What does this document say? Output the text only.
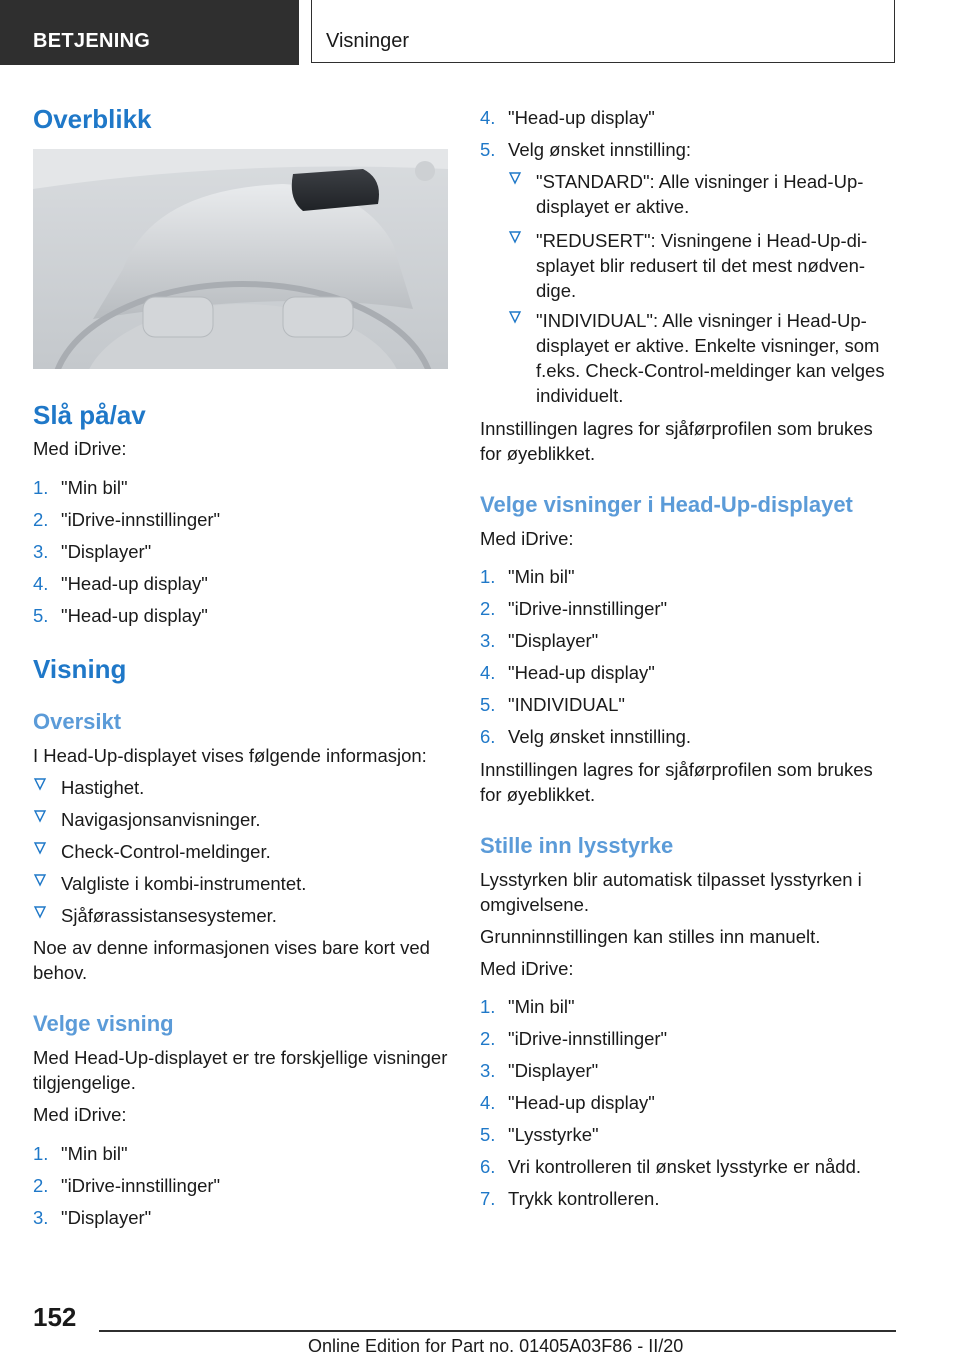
BETJENING	Visninger
Overblikk
Slå på/av

Med iDrive:

1. "Min bil"
2. "iDrive-innstillinger"
3. "Displayer"
4. "Head-up display"
5. "Head-up display"
Visning
Oversikt

I Head-Up-displayet vises følgende informasjon:

Hastighet.
Navigasjonsanvisninger.
Check-Control-meldinger.
Valgliste i kombi-instrumentet.
Sjåførassistansesystemer.

Noe av denne informasjonen vises bare kort ved behov.

Velge visning

Med Head-Up-displayet er tre forskjellige visninger tilgjengelige.

Med iDrive:

1. "Min bil"
2. "iDrive-innstillinger"
3. "Displayer"
4. "Head-up display"
5. Velg ønsket innstilling:
"STANDARD": Alle visninger i Head-Up-displayet er aktive.
"REDUSERT": Visningene i Head-Up-displayet blir redusert til det mest nødvendige.
"INDIVIDUAL": Alle visninger i Head-Up-displayet er aktive. Enkelte visninger, som f.eks. Check-Control-meldinger kan velges individuelt.

Innstillingen lagres for sjåførprofilen som brukes for øyeblikket.

Velge visninger i Head-Up-displayet

Med iDrive:

1. "Min bil"
2. "iDrive-innstillinger"
3. "Displayer"
4. "Head-up display"
5. "INDIVIDUAL"
6. Velg ønsket innstilling.

Innstillingen lagres for sjåførprofilen som brukes for øyeblikket.

Stille inn lysstyrke

Lysstyrken blir automatisk tilpasset lysstyrken i omgivelsene.

Grunninnstillingen kan stilles inn manuelt.

Med iDrive:

1. "Min bil"
2. "iDrive-innstillinger"
3. "Displayer"
4. "Head-up display"
5. "Lysstyrke"
6. Vri kontrolleren til ønsket lysstyrke er nådd.
7. Trykk kontrolleren.
152
Online Edition for Part no. 01405A03F86 - II/20
